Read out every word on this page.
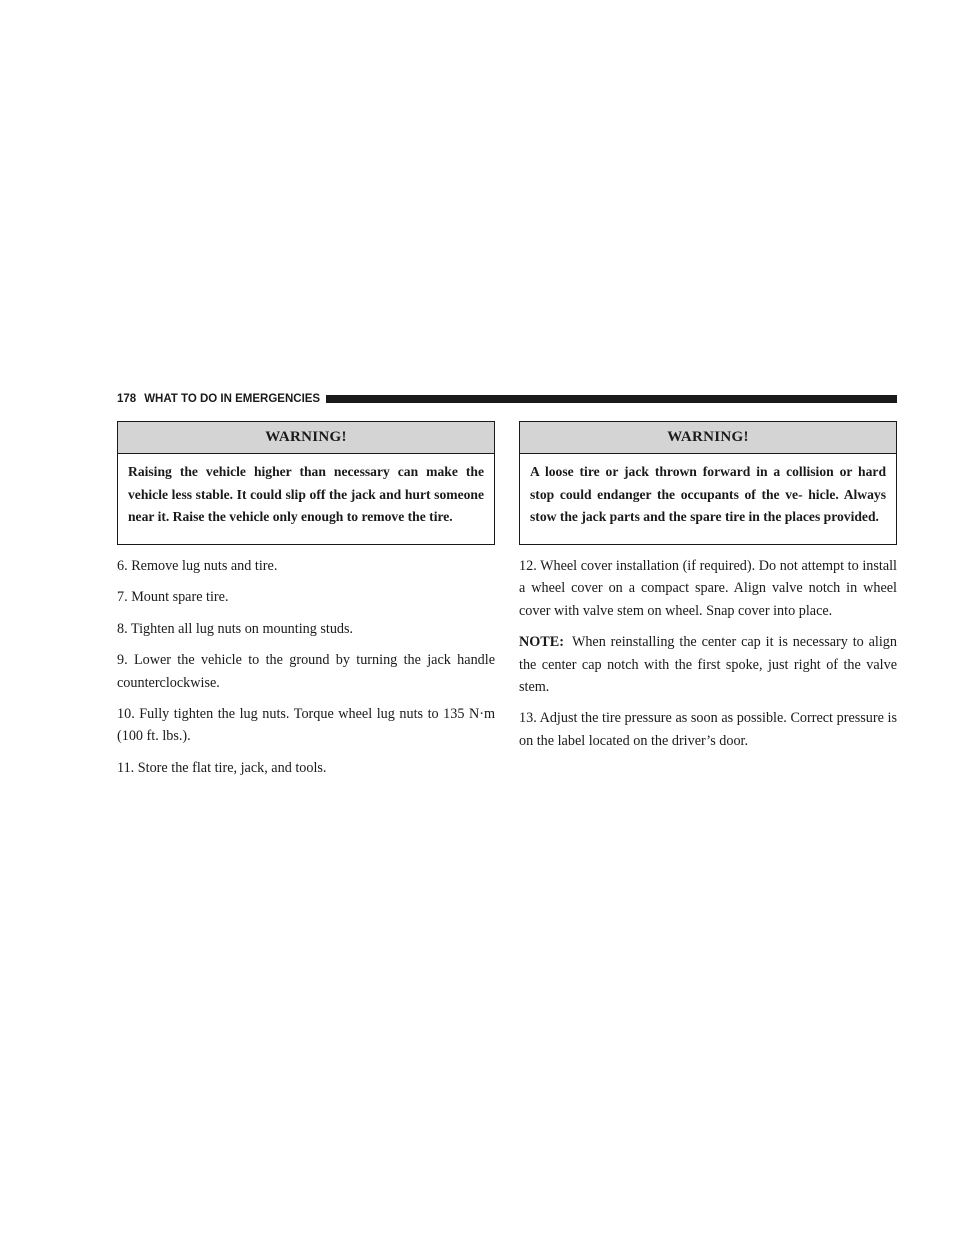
178 WHAT TO DO IN EMERGENCIES
WARNING!
Raising the vehicle higher than necessary can make the vehicle less stable. It could slip off the jack and hurt someone near it. Raise the vehicle only enough to remove the tire.

6. Remove lug nuts and tire.

7. Mount spare tire.

8. Tighten all lug nuts on mounting studs.

9. Lower the vehicle to the ground by turning the jack handle counterclockwise.

10. Fully tighten the lug nuts. Torque wheel lug nuts to 135 N·m (100 ft. lbs.).

11. Store the flat tire, jack, and tools.

WARNING!
A loose tire or jack thrown forward in a collision or hard stop could endanger the occupants of the ve- hicle. Always stow the jack parts and the spare tire in the places provided.

12. Wheel cover installation (if required). Do not attempt to install a wheel cover on a compact spare. Align valve notch in wheel cover with valve stem on wheel. Snap cover into place.

NOTE: When reinstalling the center cap it is necessary to align the center cap notch with the first spoke, just right of the valve stem.

13. Adjust the tire pressure as soon as possible. Correct pressure is on the label located on the driver’s door.
